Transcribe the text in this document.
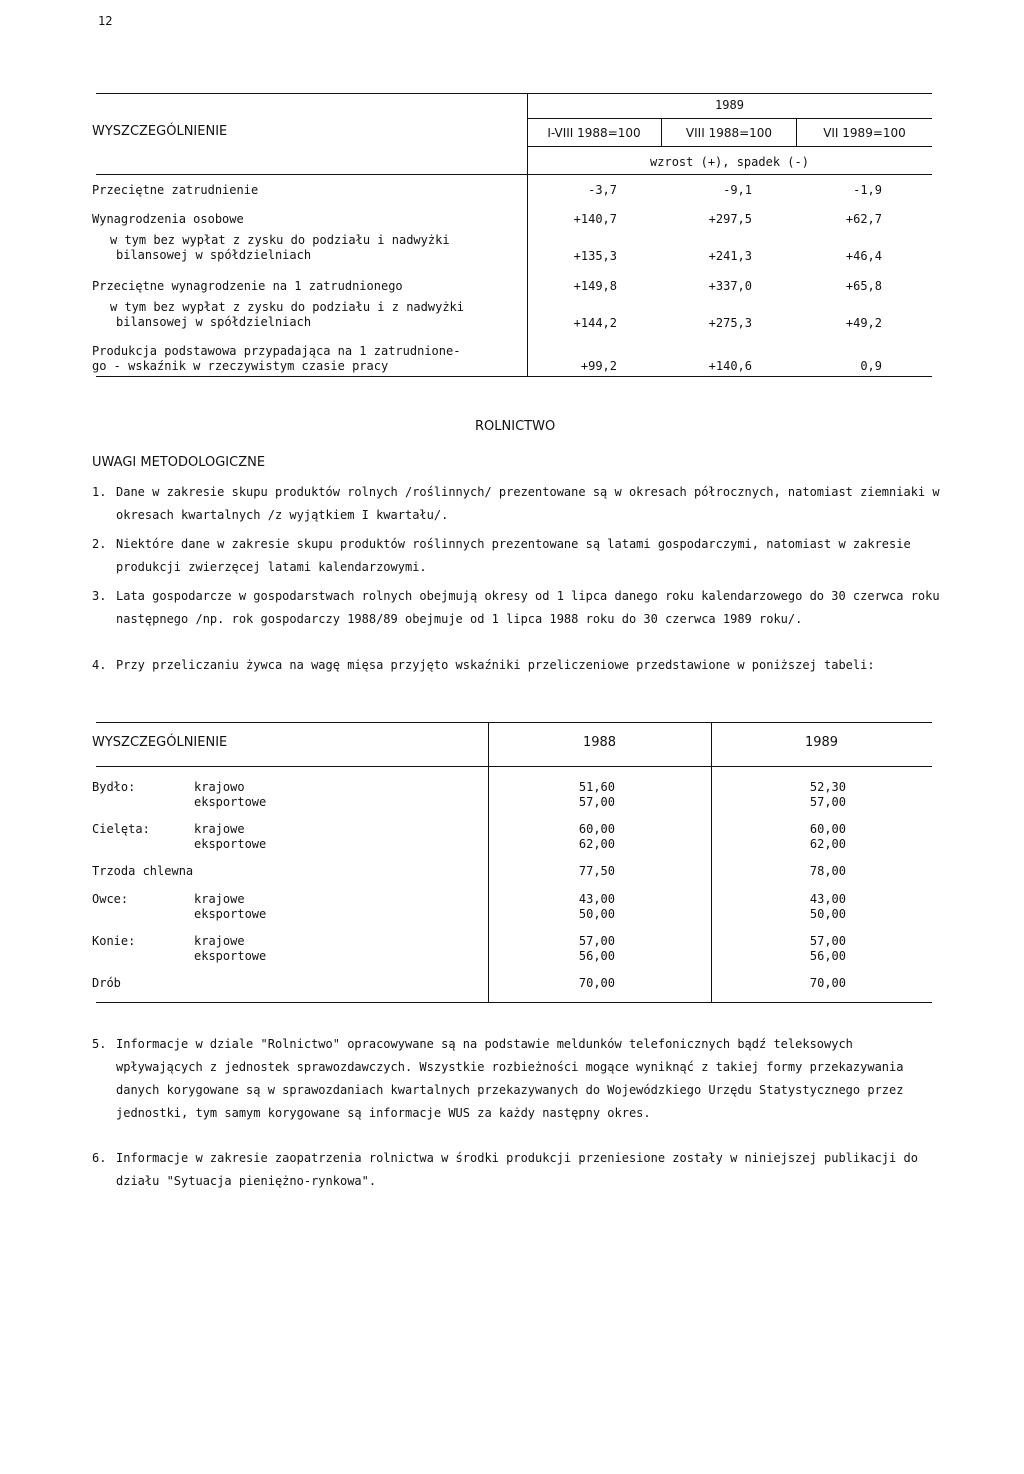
12
WYSZCZEGÓLNIENIE
1989
I-VIII 1988=100	VIII 1988=100	VII 1989=100
wzrost (+), spadek (-)
Przeciętne zatrudnienie	-3,7	-9,1	-1,9
Wynagrodzenia osobowe	+140,7	+297,5	+62,7
w tym bez wypłat z zysku do podziału i nadwyżki
bilansowej w spółdzielniach	+135,3	+241,3	+46,4
Przeciętne wynagrodzenie na 1 zatrudnionego	+149,8	+337,0	+65,8
w tym bez wypłat z zysku do podziału i z nadwyżki
bilansowej w spółdzielniach	+144,2	+275,3	+49,2
Produkcja podstawowa przypadająca na 1 zatrudnione-
go - wskaźnik w rzeczywistym czasie pracy	+99,2	+140,6	0,9
ROLNICTWO
UWAGI METODOLOGICZNE
1. Dane w zakresie skupu produktów rolnych /roślinnych/ prezentowane są w okresach półrocznych, natomiast ziemniaki w okresach kwartalnych /z wyjątkiem I kwartału/.
2. Niektóre dane w zakresie skupu produktów roślinnych prezentowane są latami gospodarczymi, natomiast w zakresie produkcji zwierzęcej latami kalendarzowymi.
3. Lata gospodarcze w gospodarstwach rolnych obejmują okresy od 1 lipca danego roku kalendarzowego do 30 czerwca roku następnego /np. rok gospodarczy 1988/89 obejmuje od 1 lipca 1988 roku do 30 czerwca 1989 roku/.
4. Przy przeliczaniu żywca na wagę mięsa przyjęto wskaźniki przeliczeniowe przedstawione w poniższej tabeli:
WYSZCZEGÓLNIENIE	1988	1989
Bydło:	krajowo	51,60	52,30
eksportowe	57,00	57,00
Cielęta:	krajowe	60,00	60,00
eksportowe	62,00	62,00
Trzoda chlewna	77,50	78,00
Owce:	krajowe	43,00	43,00
eksportowe	50,00	50,00
Konie:	krajowe	57,00	57,00
eksportowe	56,00	56,00
Drób	70,00	70,00
5. Informacje w dziale "Rolnictwo" opracowywane są na podstawie meldunków telefonicznych bądź teleksowych wpływających z jednostek sprawozdawczych. Wszystkie rozbieżności mogące wyniknąć z takiej formy przekazywania danych korygowane są w sprawozdaniach kwartalnych przekazywanych do Wojewódzkiego Urzędu Statystycznego przez jednostki, tym samym korygowane są informacje WUS za każdy następny okres.
6. Informacje w zakresie zaopatrzenia rolnictwa w środki produkcji przeniesione zostały w niniejszej publikacji do działu "Sytuacja pieniężno-rynkowa".
